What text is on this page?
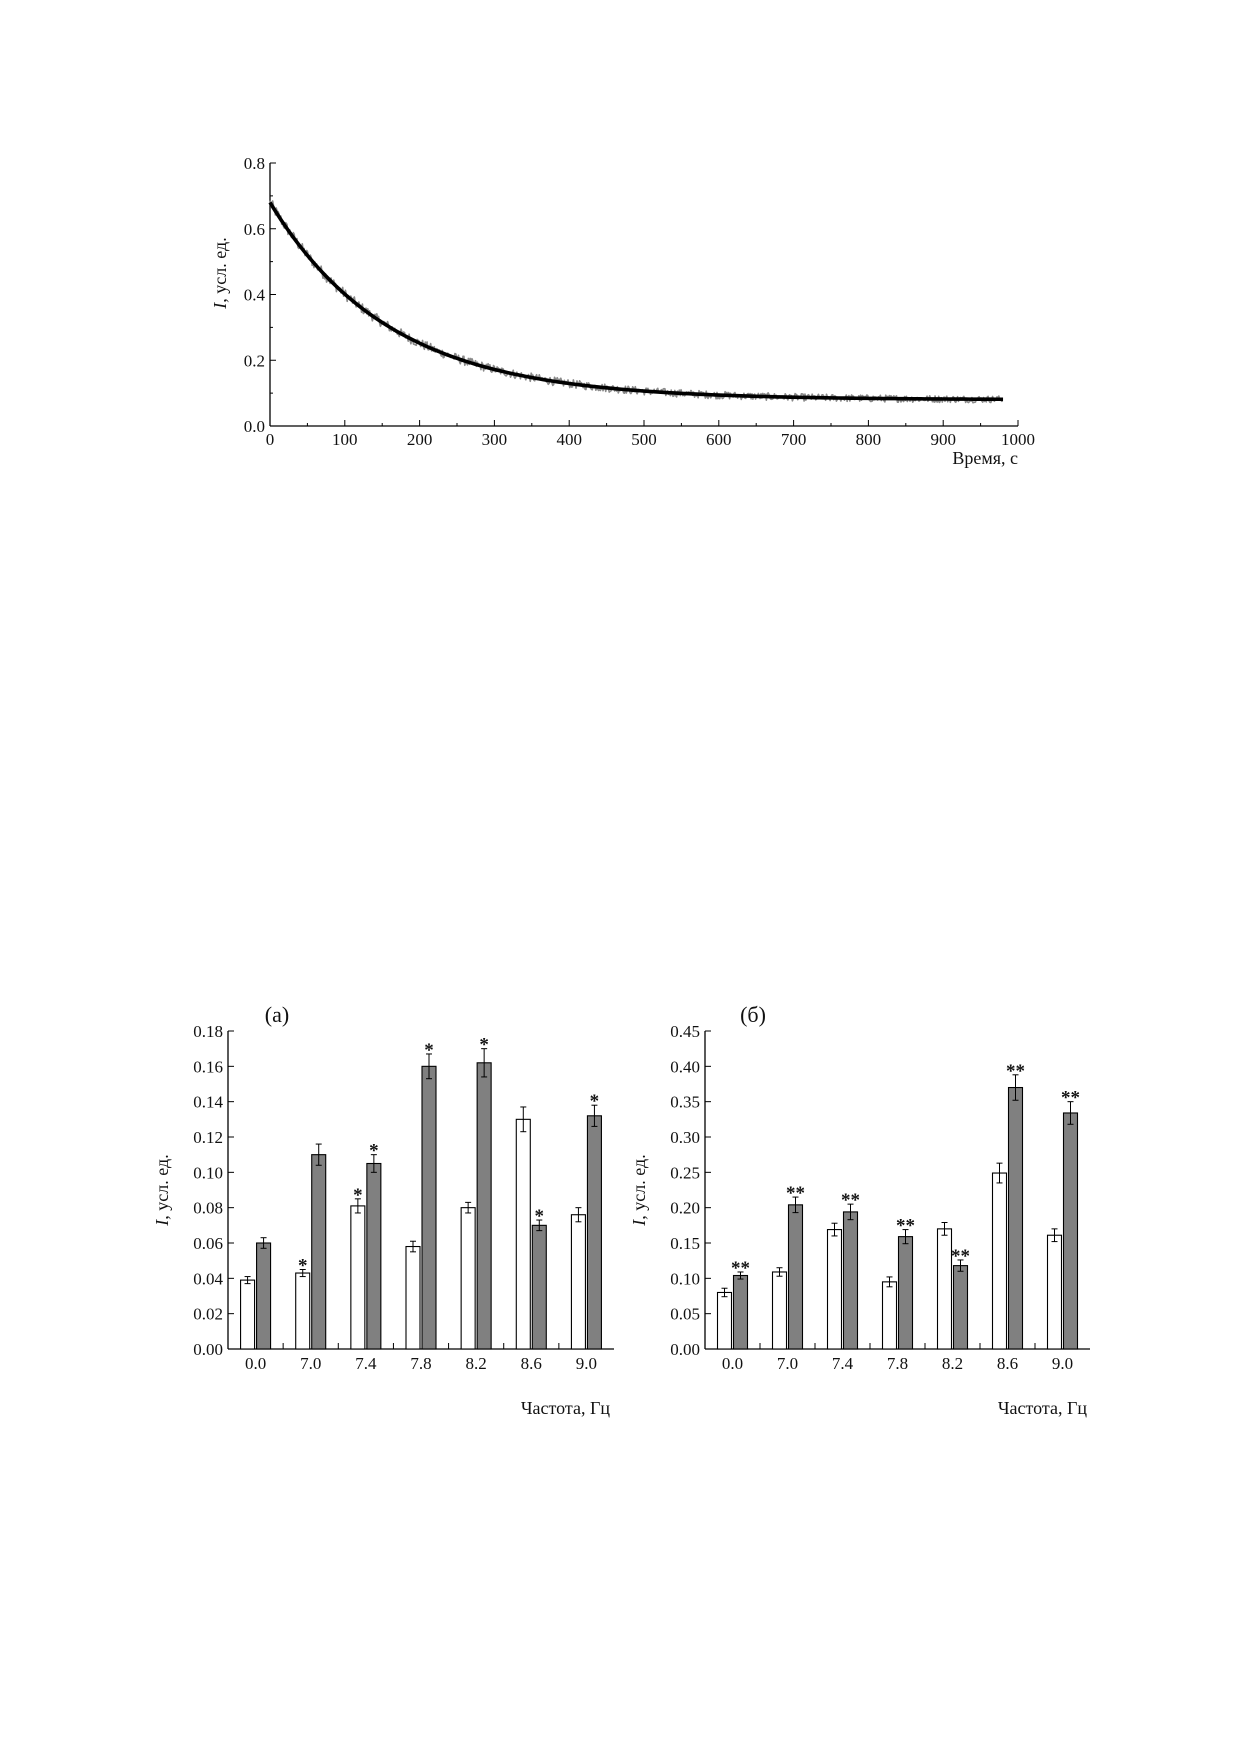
0	100	200	300	400	500	600	700	800	900	1000
0.0
0.2
0.4
0.6
0.8
Время, с
I, усл. ед.
0.00
0.02
0.04
0.06
0.08
0.10
0.12
0.14
0.16
0.18
0.0 7.0 7.4 7.8 8.2 8.6 9.0
*
*
*
* *
*
*
(а)
Частота, Гц
I, усл. ед.
0.00
0.05
0.10
0.15
0.20
0.25
0.30
0.35
0.40
0.45
0.0 7.0 7.4 7.8 8.2 8.6 9.0
**
** **
**
**
**
**
(б)
Частота, Гц
I, усл. ед.
